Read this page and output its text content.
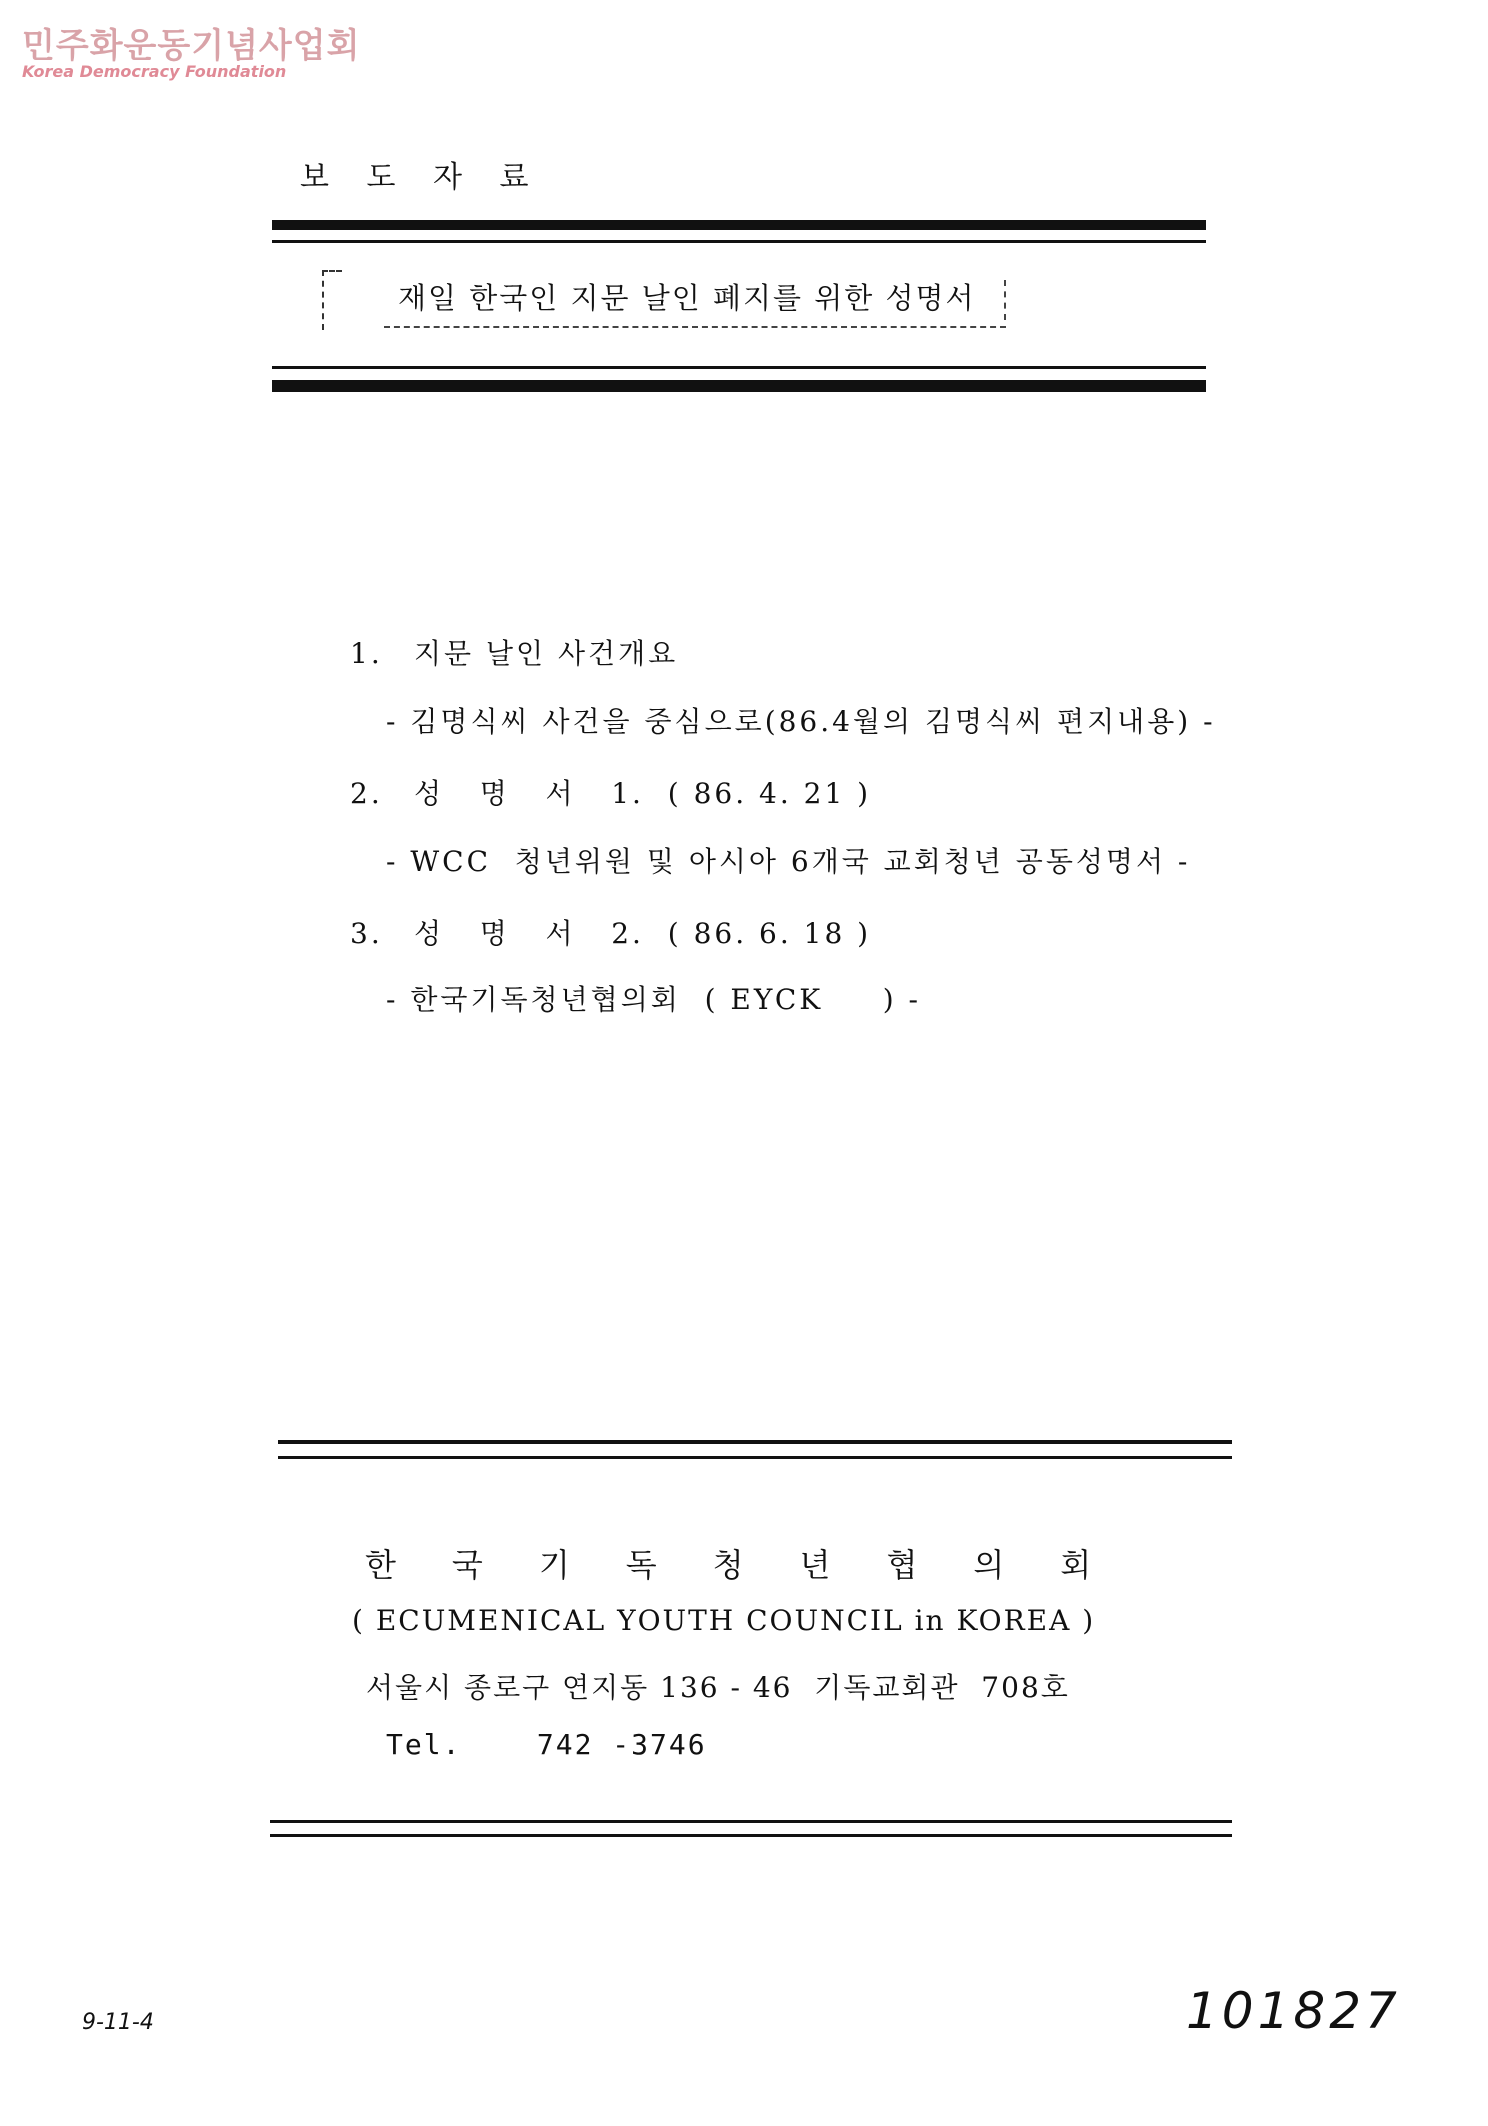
민주화운동기념사업회
Korea Democracy Foundation
보 도 자 료
재일 한국인 지문 날인 폐지를 위한 성명서
1. 지문 날인 사건개요
- 김명식씨 사건을 중심으로(86.4월의 김명식씨 편지내용) -
2. 성   명   서   1.  ( 86. 4. 21 )
- WCC  청년위원 및 아시아 6개국 교회청년 공동성명서 -
3. 성   명   서   2.  ( 86. 6. 18 )
- 한국기독청년협의회  ( EYCK     ) -
한국기독청년협의회
( ECUMENICAL YOUTH COUNCIL in KOREA )
서울시 종로구 연지동 136 - 46  기독교회관  708호
Tel.    742 -3746
9-11-4	101827
